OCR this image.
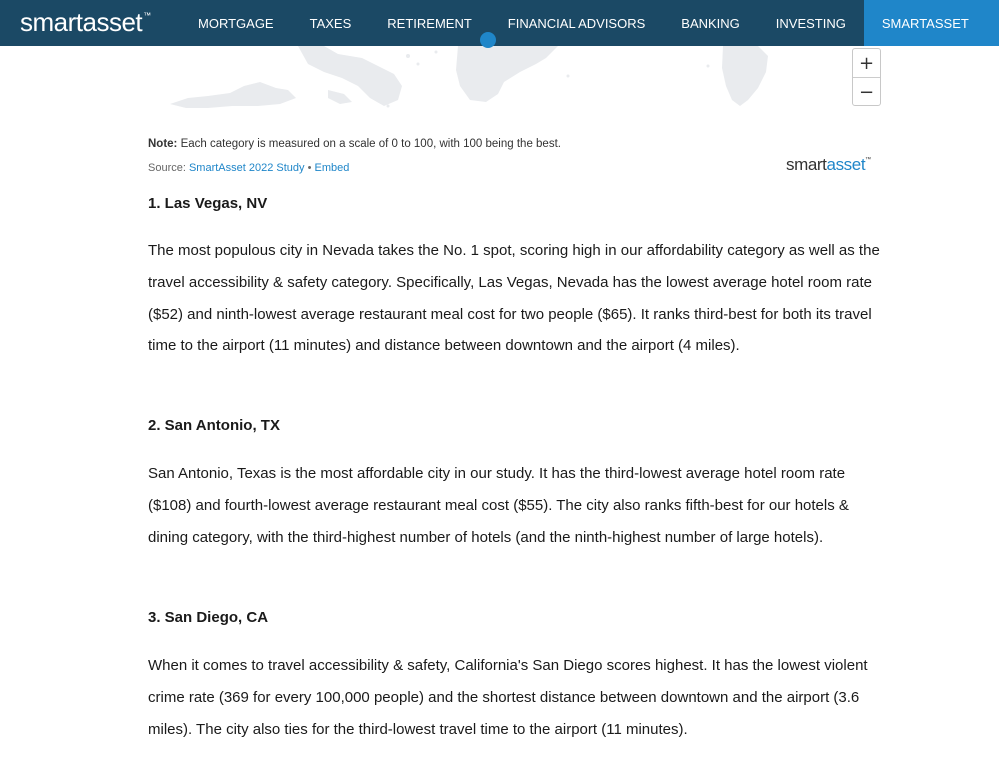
smartasset ™	MORTGAGE	TAXES	RETIREMENT	FINANCIAL ADVISORS	BANKING	INVESTING	SMARTASSET
+
−
Note: Each category is measured on a scale of 0 to 100, with 100 being the best.
Source: SmartAsset 2022 Study • Embed	smart asset ™
1. Las Vegas, NV

The most populous city in Nevada takes the No. 1 spot, scoring high in our affordability category as well as the travel accessibility & safety category. Specifically, Las Vegas, Nevada has the lowest average hotel room rate ($52) and ninth-lowest average restaurant meal cost for two people ($65). It ranks third-best for both its travel time to the airport (11 minutes) and distance between downtown and the airport (4 miles).

2. San Antonio, TX

San Antonio, Texas is the most affordable city in our study. It has the third-lowest average hotel room rate ($108) and fourth-lowest average restaurant meal cost ($55). The city also ranks fifth-best for our hotels & dining category, with the third-highest number of hotels (and the ninth-highest number of large hotels).

3. San Diego, CA

When it comes to travel accessibility & safety, California's San Diego scores highest. It has the lowest violent crime rate (369 for every 100,000 people) and the shortest distance between downtown and the airport (3.6 miles). The city also ties for the third-lowest travel time to the airport (11 minutes).
